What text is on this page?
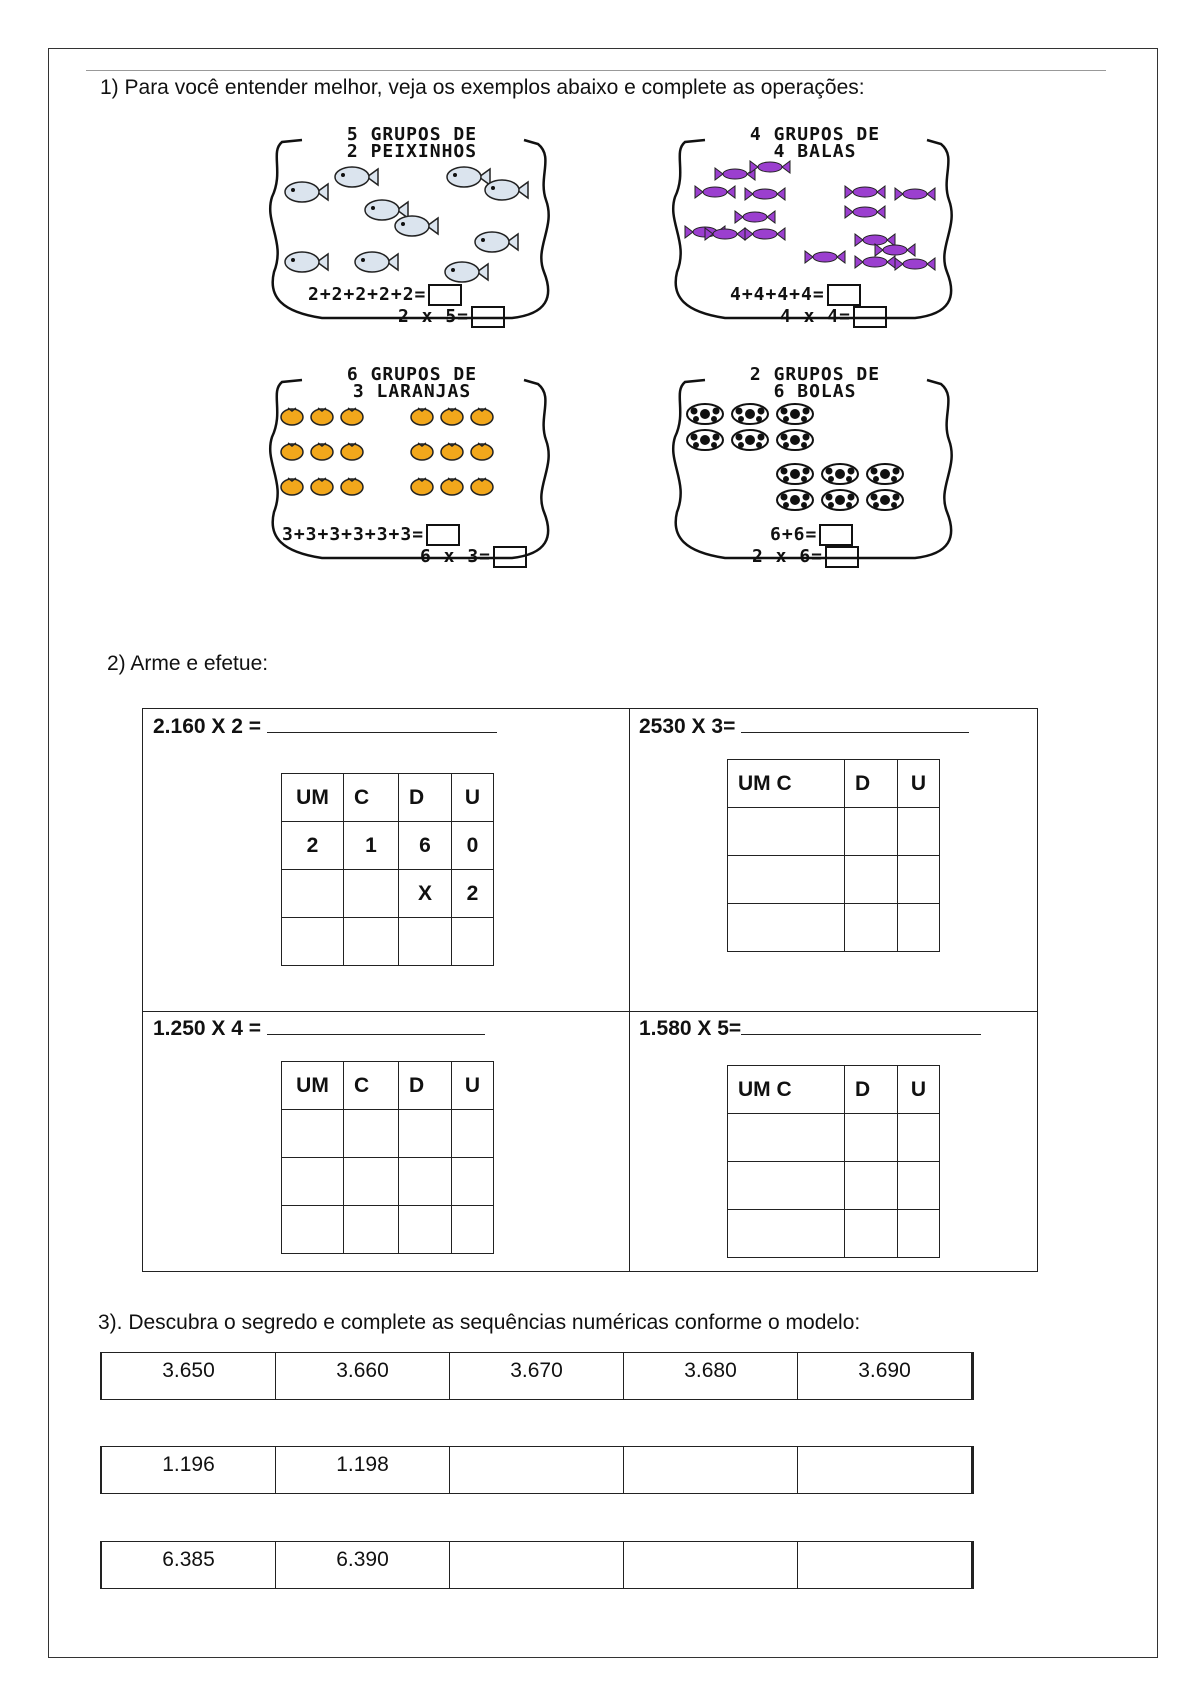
1) Para você entender melhor, veja os exemplos abaixo e complete as operações:
5 GRUPOS DE
2 PEIXINHOS
2+2+2+2+2=
2 x 5=
4 GRUPOS DE
4 BALAS
4+4+4+4=
4 x 4=
6 GRUPOS DE
3 LARANJAS
3+3+3+3+3+3=
6 x 3=
2 GRUPOS DE
6 BOLAS
6+6=
2 x 6=
2) Arme e efetue:
2.160 X 2 =
UM	C	D	U
2	1	6	0
		X	2

2530 X 3=
UM C	D	U

1.250 X 4 =
UM	C	D	U

1.580 X 5=
UM C	D	U

3). Descubra o segredo e complete as sequências numéricas conforme o modelo:
3.650	3.660	3.670	3.680	3.690
1.196	1.198
6.385	6.390
